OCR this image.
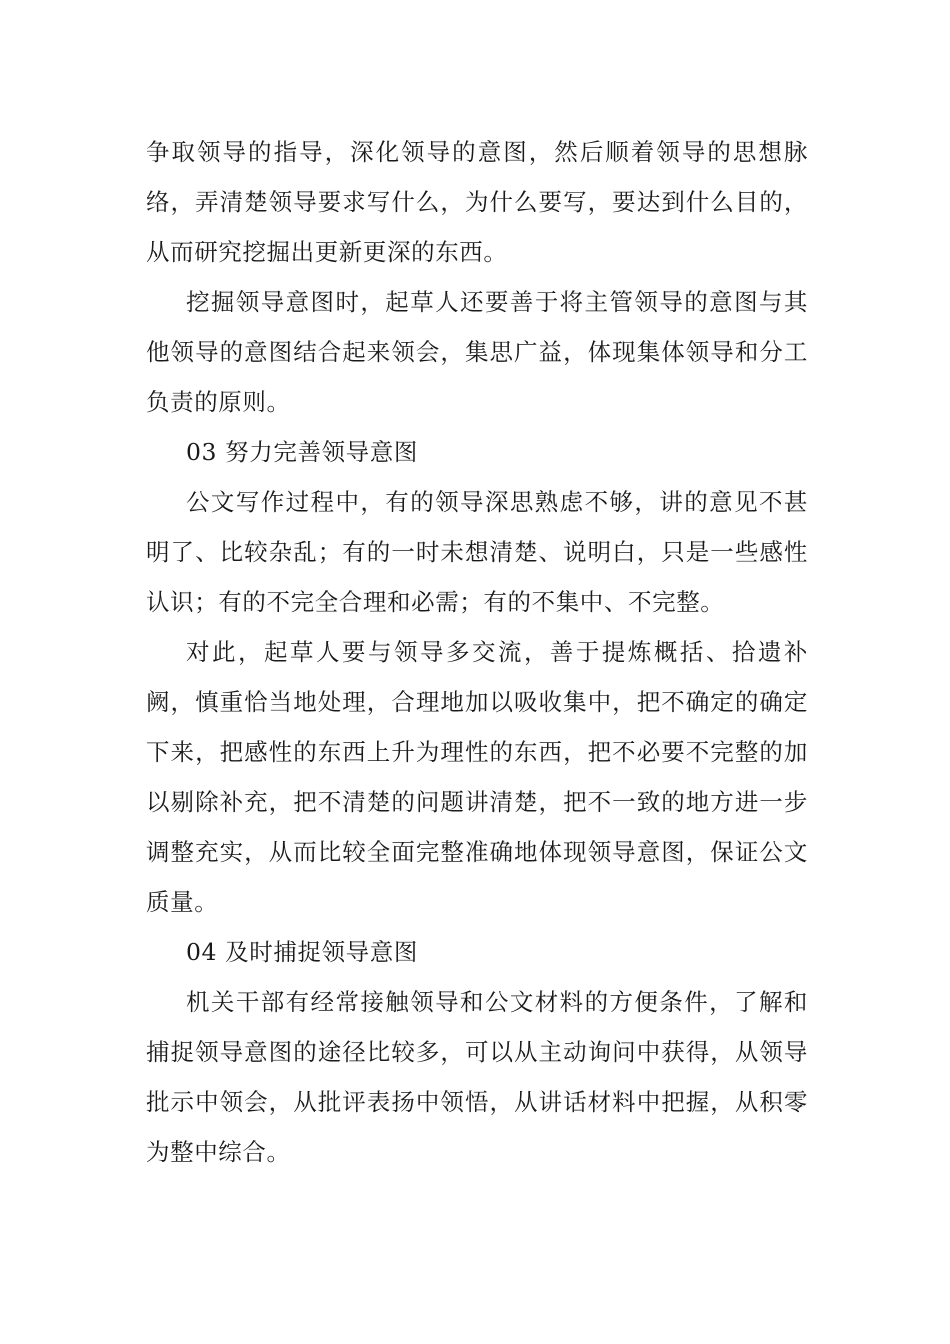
争取领导的指导，深化领导的意图，然后顺着领导的思想脉络，弄清楚领导要求写什么，为什么要写，要达到什么目的，从而研究挖掘出更新更深的东西。

挖掘领导意图时，起草人还要善于将主管领导的意图与其他领导的意图结合起来领会，集思广益，体现集体领导和分工负责的原则。

03 努力完善领导意图

公文写作过程中，有的领导深思熟虑不够，讲的意见不甚明了、比较杂乱；有的一时未想清楚、说明白，只是一些感性认识；有的不完全合理和必需；有的不集中、不完整。

对此，起草人要与领导多交流，善于提炼概括、拾遗补阙，慎重恰当地处理，合理地加以吸收集中，把不确定的确定下来，把感性的东西上升为理性的东西，把不必要不完整的加以剔除补充，把不清楚的问题讲清楚，把不一致的地方进一步调整充实，从而比较全面完整准确地体现领导意图，保证公文质量。

04 及时捕捉领导意图

机关干部有经常接触领导和公文材料的方便条件，了解和捕捉领导意图的途径比较多，可以从主动询问中获得，从领导批示中领会，从批评表扬中领悟，从讲话材料中把握，从积零为整中综合。
